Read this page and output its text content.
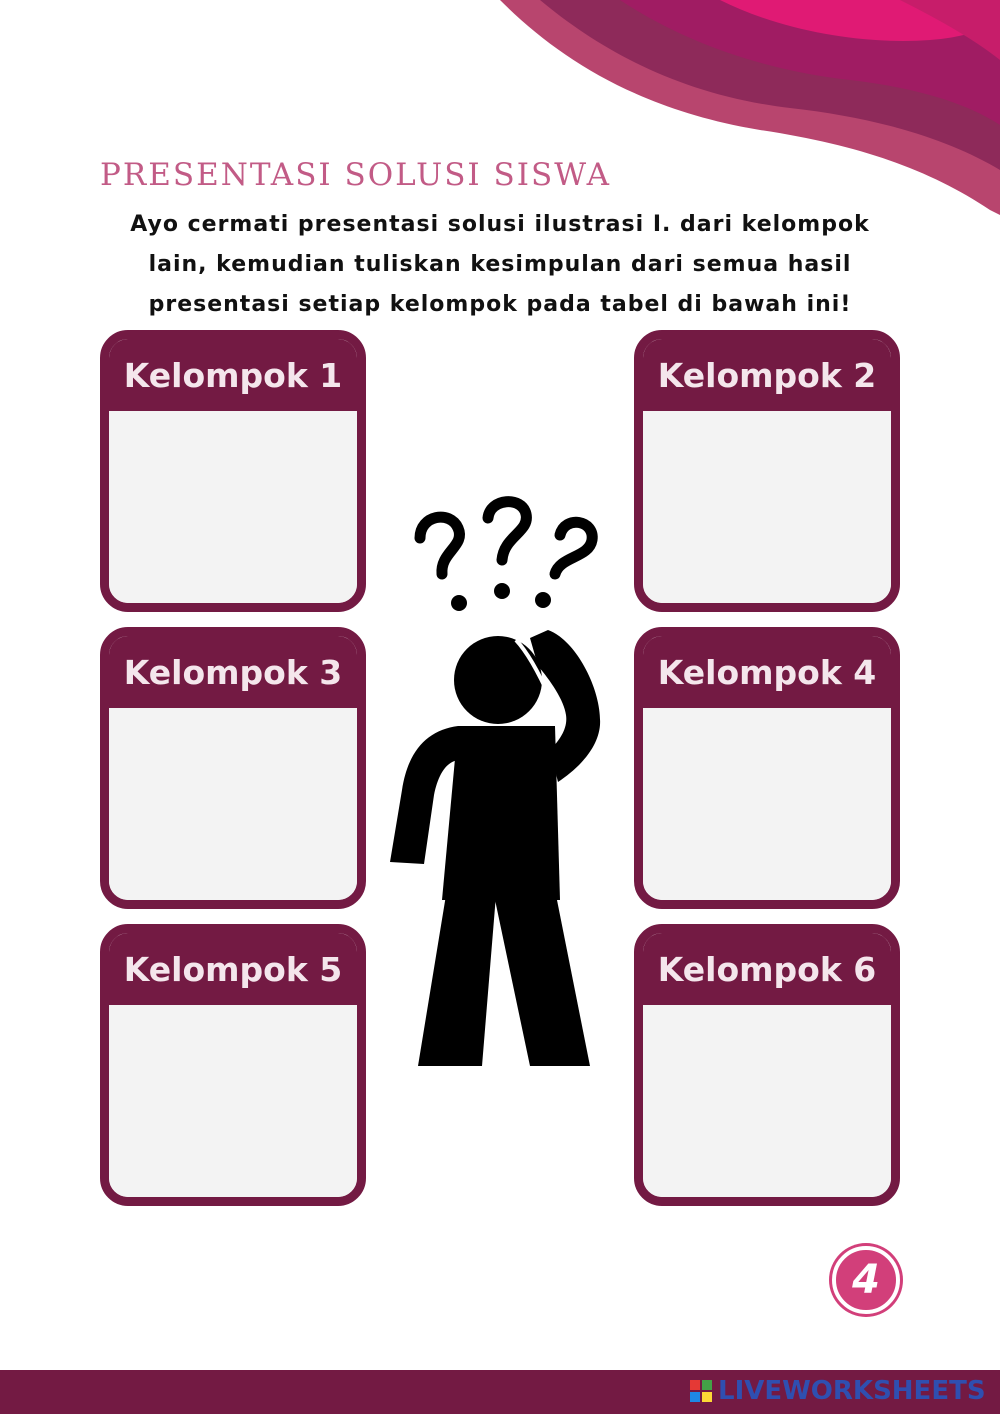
PRESENTASI SOLUSI SISWA
Ayo cermati presentasi solusi ilustrasi I. dari kelompok lain, kemudian tuliskan kesimpulan dari semua hasil presentasi setiap kelompok pada tabel di bawah ini!
Kelompok 1	Kelompok 2
Kelompok 3	Kelompok 4
Kelompok 5	Kelompok 6
4
LIVEWORKSHEETS
